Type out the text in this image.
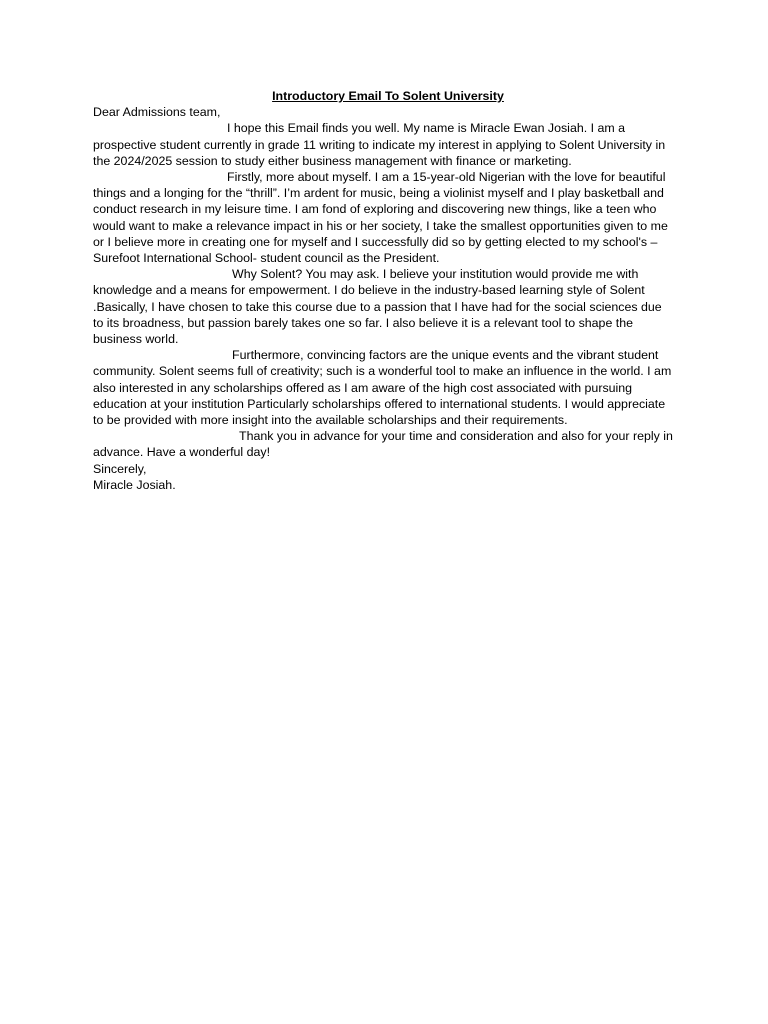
Introductory Email To Solent University

Dear Admissions team,

I hope this Email finds you well. My name is Miracle Ewan Josiah. I am a prospective student currently in grade 11 writing to indicate my interest in applying to Solent University in the 2024/2025 session to study either business management with finance or marketing.

Firstly, more about myself. I am a 15-year-old Nigerian with the love for beautiful things and a longing for the “thrill”. I’m ardent for music, being a violinist myself and I play basketball and conduct research in my leisure time. I am fond of exploring and discovering new things, like a teen who would want to make a relevance impact in his or her society, I take the smallest opportunities given to me or I believe more in creating one for myself and I successfully did so by getting elected to my school's –Surefoot International School- student council as the President.

Why Solent? You may ask. I believe your institution would provide me with knowledge and a means for empowerment. I do believe in the industry-based learning style of Solent .Basically, I have chosen to take this course due to a passion that I have had for the social sciences due to its broadness, but passion barely takes one so far. I also believe it is a relevant tool to shape the business world.

Furthermore, convincing factors are the unique events and the vibrant student community. Solent seems full of creativity; such is a wonderful tool to make an influence in the world. I am also interested in any scholarships offered as I am aware of the high cost associated with pursuing education at your institution Particularly scholarships offered to international students. I would appreciate to be provided with more insight into the available scholarships and their requirements.

Thank you in advance for your time and consideration and also for your reply in advance. Have a wonderful day!

Sincerely,

Miracle Josiah.
